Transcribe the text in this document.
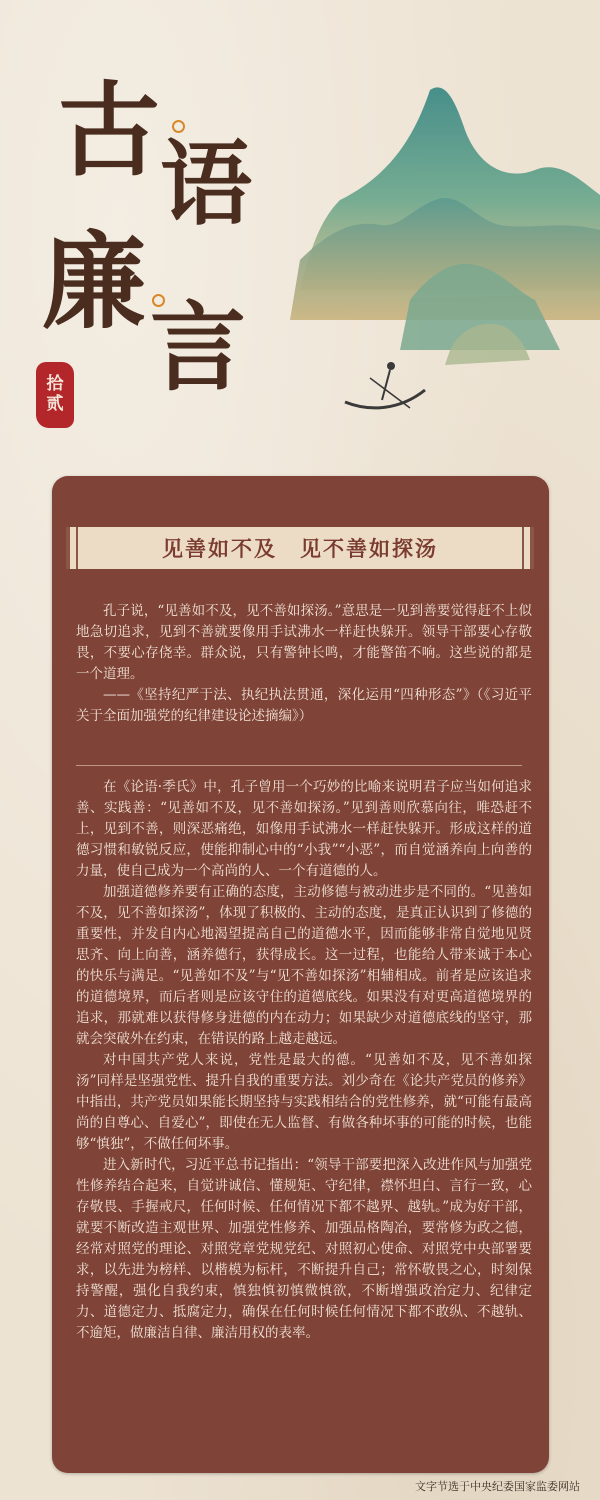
古 语
廉
言
拾
贰
见善如不及　见不善如探汤

孔子说，“见善如不及，见不善如探汤。”意思是一见到善要觉得赶不上似地急切追求，见到不善就要像用手试沸水一样赶快躲开。领导干部要心存敬畏，不要心存侥幸。群众说，只有警钟长鸣，才能警笛不响。这些说的都是一个道理。

——《坚持纪严于法、执纪执法贯通，深化运用“四种形态”》（《习近平关于全面加强党的纪律建设论述摘编》）

在《论语·季氏》中，孔子曾用一个巧妙的比喻来说明君子应当如何追求善、实践善：“见善如不及，见不善如探汤。”见到善则欣慕向往，唯恐赶不上，见到不善，则深恶痛绝，如像用手试沸水一样赶快躲开。形成这样的道德习惯和敏锐反应，使能抑制心中的“小我”“小恶”，而自觉涵养向上向善的力量，使自己成为一个高尚的人、一个有道德的人。

加强道德修养要有正确的态度，主动修德与被动进步是不同的。“见善如不及，见不善如探汤”，体现了积极的、主动的态度，是真正认识到了修德的重要性，并发自内心地渴望提高自己的道德水平，因而能够非常自觉地见贤思齐、向上向善，涵养德行，获得成长。这一过程，也能给人带来诚于本心的快乐与满足。“见善如不及”与“见不善如探汤”相辅相成。前者是应该追求的道德境界，而后者则是应该守住的道德底线。如果没有对更高道德境界的追求，那就难以获得修身进德的内在动力；如果缺少对道德底线的坚守，那就会突破外在约束，在错误的路上越走越远。

对中国共产党人来说，党性是最大的德。“见善如不及，见不善如探汤”同样是坚强党性、提升自我的重要方法。刘少奇在《论共产党员的修养》中指出，共产党员如果能长期坚持与实践相结合的党性修养，就“可能有最高尚的自尊心、自爱心”，即使在无人监督、有做各种坏事的可能的时候，也能够“慎独”，不做任何坏事。

进入新时代，习近平总书记指出：“领导干部要把深入改进作风与加强党性修养结合起来，自觉讲诚信、懂规矩、守纪律，襟怀坦白、言行一致，心存敬畏、手握戒尺，任何时候、任何情况下都不越界、越轨。”成为好干部，就要不断改造主观世界、加强党性修养、加强品格陶冶，要常修为政之德，经常对照党的理论、对照党章党规党纪、对照初心使命、对照党中央部署要求，以先进为榜样、以楷模为标杆，不断提升自己；常怀敬畏之心，时刻保持警醒，强化自我约束，慎独慎初慎微慎欲，不断增强政治定力、纪律定力、道德定力、抵腐定力，确保在任何时候任何情况下都不敢纵、不越轨、不逾矩，做廉洁自律、廉洁用权的表率。

文字节选于中央纪委国家监委网站
